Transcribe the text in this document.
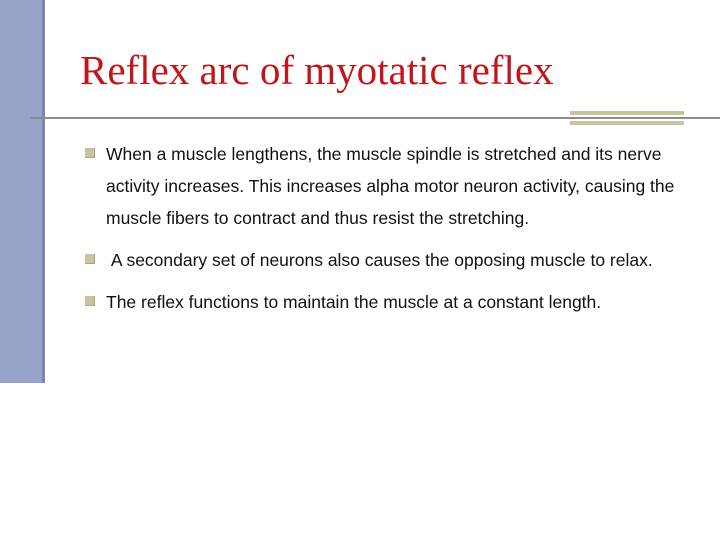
Reflex arc of myotatic reflex
When a muscle lengthens, the muscle spindle is stretched and its nerve activity increases. This increases alpha motor neuron activity, causing the muscle fibers to contract and thus resist the stretching.
A secondary set of neurons also causes the opposing muscle to relax.
The reflex functions to maintain the muscle at a constant length.
